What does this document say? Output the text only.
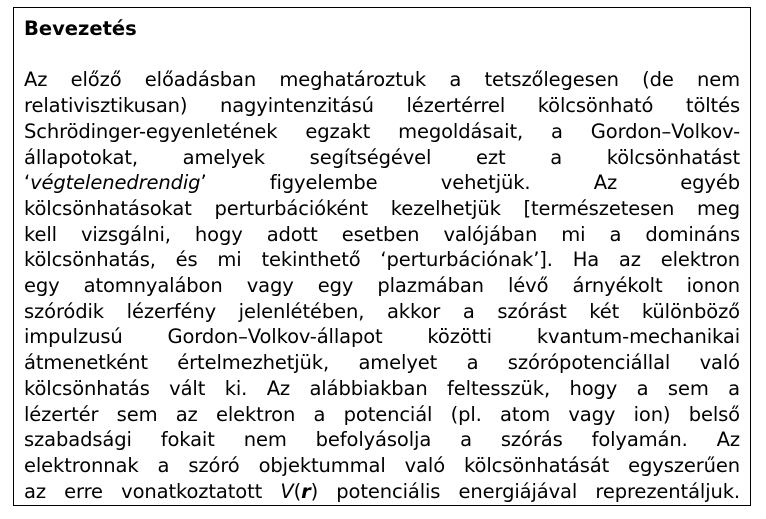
Bevezetés

Az előző előadásban meghatároztuk a tetszőlegesen (de nem
relativisztikusan) nagyintenzitású lézertérrel kölcsönható töltés
Schrödinger-egyenletének egzakt megoldásait, a Gordon–Volkov-
állapotokat, amelyek segítségével ezt a kölcsönhatást
‘végtelenedrendig’ figyelembe vehetjük. Az egyéb
kölcsönhatásokat perturbációként kezelhetjük [természetesen meg
kell vizsgálni, hogy adott esetben valójában mi a domináns
kölcsönhatás, és mi tekinthető ‘perturbációnak’]. Ha az elektron
egy atomnyalábon vagy egy plazmában lévő árnyékolt ionon
szóródik lézerfény jelenlétében, akkor a szórást két különböző
impulzusú Gordon–Volkov-állapot közötti kvantum-mechanikai
átmenetként értelmezhetjük, amelyet a szórópotenciállal való
kölcsönhatás vált ki. Az alábbiakban feltesszük, hogy a sem a
lézertér sem az elektron a potenciál (pl. atom vagy ion) belső
szabadsági fokait nem befolyásolja a szórás folyamán. Az
elektronnak a szóró objektummal való kölcsönhatását egyszerűen
az erre vonatkoztatott V(r) potenciális energiájával reprezentáljuk.
